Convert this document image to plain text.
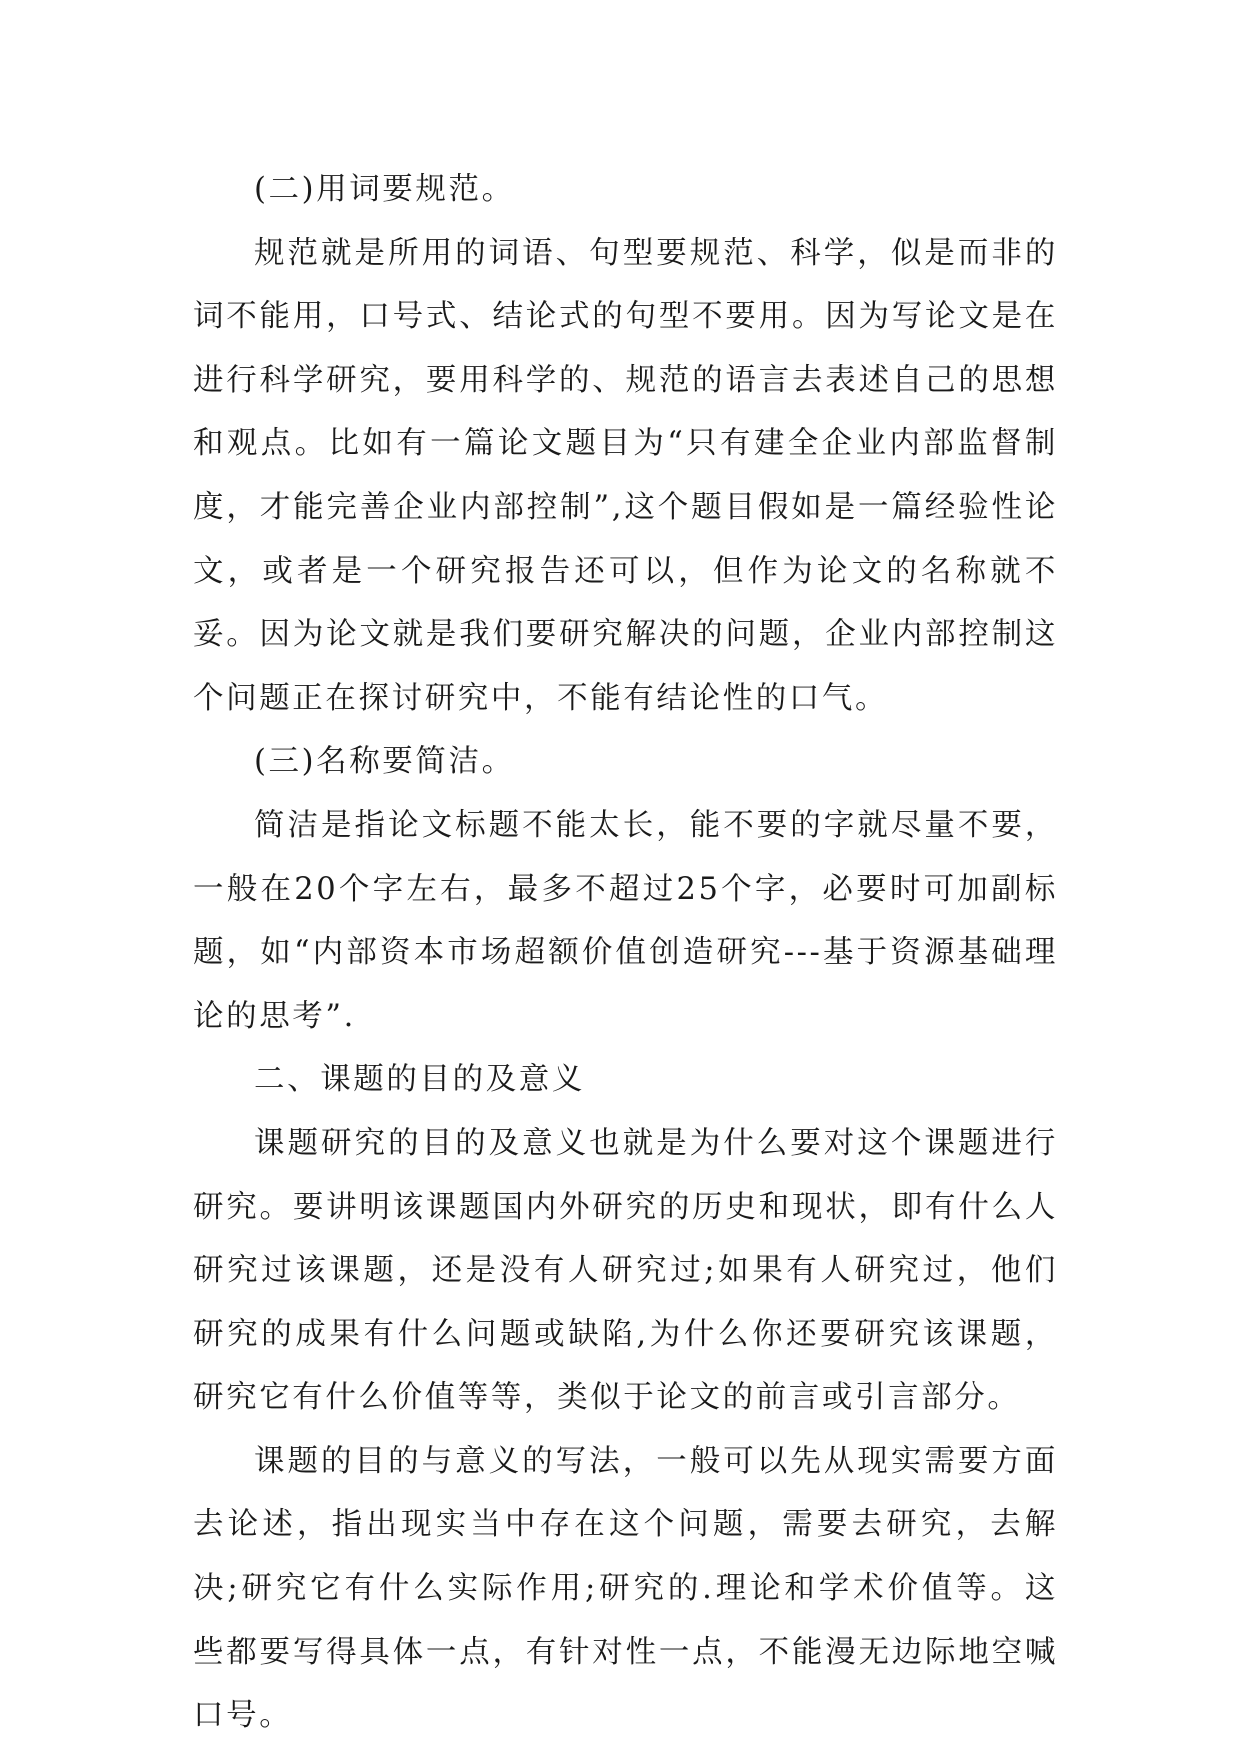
(二)用词要规范。

规范就是所用的词语、句型要规范、科学，似是而非的词不能用，口号式、结论式的句型不要用。因为写论文是在进行科学研究，要用科学的、规范的语言去表述自己的思想和观点。比如有一篇论文题目为“只有建全企业内部监督制度，才能完善企业内部控制”,这个题目假如是一篇经验性论文，或者是一个研究报告还可以，但作为论文的名称就不妥。因为论文就是我们要研究解决的问题，企业内部控制这个问题正在探讨研究中，不能有结论性的口气。

(三)名称要简洁。

简洁是指论文标题不能太长，能不要的字就尽量不要，一般在20个字左右，最多不超过25个字，必要时可加副标题，如“内部资本市场超额价值创造研究---基于资源基础理论的思考”.

二、课题的目的及意义

课题研究的目的及意义也就是为什么要对这个课题进行研究。要讲明该课题国内外研究的历史和现状，即有什么人研究过该课题，还是没有人研究过;如果有人研究过，他们研究的成果有什么问题或缺陷,为什么你还要研究该课题，研究它有什么价值等等，类似于论文的前言或引言部分。

课题的目的与意义的写法，一般可以先从现实需要方面去论述，指出现实当中存在这个问题，需要去研究，去解决;研究它有什么实际作用;研究的.理论和学术价值等。这些都要写得具体一点，有针对性一点，不能漫无边际地空喊口号。
